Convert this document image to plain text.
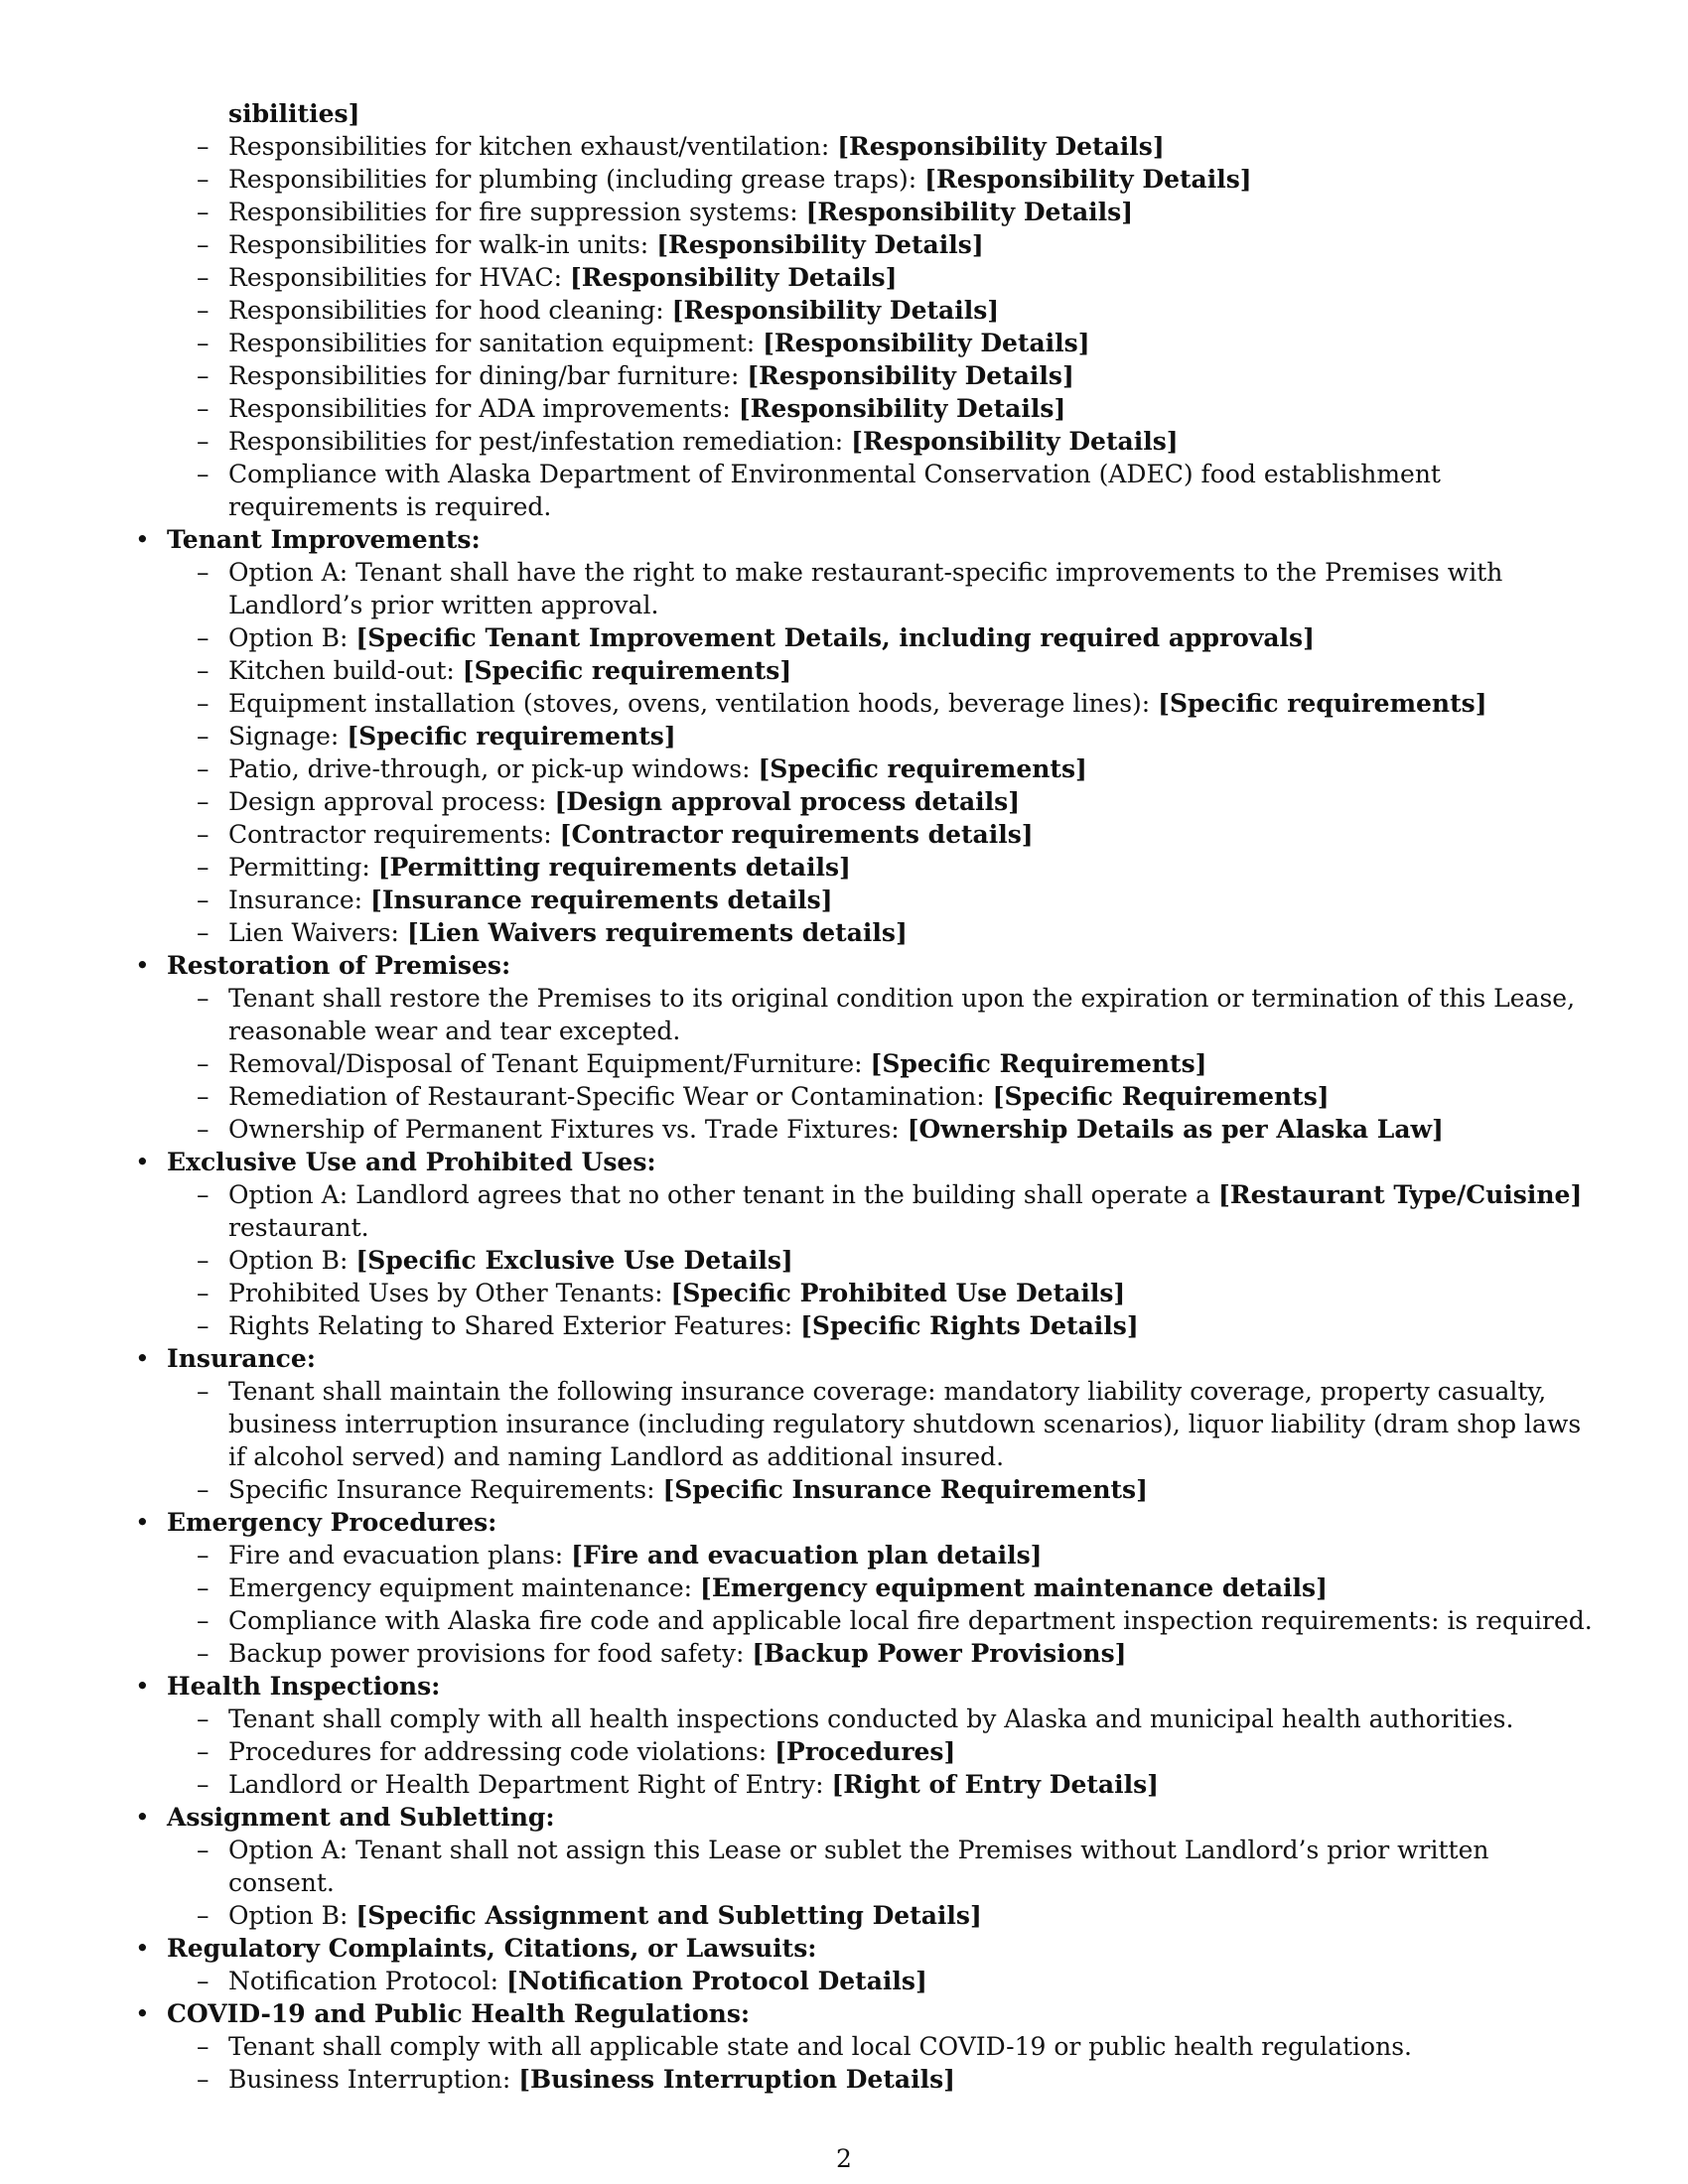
sibilities]
– Responsibilities for kitchen exhaust/ventilation: [Responsibility Details]
– Responsibilities for plumbing (including grease traps): [Responsibility Details]
– Responsibilities for fire suppression systems: [Responsibility Details]
– Responsibilities for walk-in units: [Responsibility Details]
– Responsibilities for HVAC: [Responsibility Details]
– Responsibilities for hood cleaning: [Responsibility Details]
– Responsibilities for sanitation equipment: [Responsibility Details]
– Responsibilities for dining/bar furniture: [Responsibility Details]
– Responsibilities for ADA improvements: [Responsibility Details]
– Responsibilities for pest/infestation remediation: [Responsibility Details]
– Compliance with Alaska Department of Environmental Conservation (ADEC) food establishment requirements is required.
• Tenant Improvements:
– Option A: Tenant shall have the right to make restaurant-specific improvements to the Premises with Landlord’s prior written approval.
– Option B: [Specific Tenant Improvement Details, including required approvals]
– Kitchen build-out: [Specific requirements]
– Equipment installation (stoves, ovens, ventilation hoods, beverage lines): [Specific requirements]
– Signage: [Specific requirements]
– Patio, drive-through, or pick-up windows: [Specific requirements]
– Design approval process: [Design approval process details]
– Contractor requirements: [Contractor requirements details]
– Permitting: [Permitting requirements details]
– Insurance: [Insurance requirements details]
– Lien Waivers: [Lien Waivers requirements details]
• Restoration of Premises:
– Tenant shall restore the Premises to its original condition upon the expiration or termination of this Lease, reasonable wear and tear excepted.
– Removal/Disposal of Tenant Equipment/Furniture: [Specific Requirements]
– Remediation of Restaurant-Specific Wear or Contamination: [Specific Requirements]
– Ownership of Permanent Fixtures vs. Trade Fixtures: [Ownership Details as per Alaska Law]
• Exclusive Use and Prohibited Uses:
– Option A: Landlord agrees that no other tenant in the building shall operate a [Restaurant Type/Cuisine] restaurant.
– Option B: [Specific Exclusive Use Details]
– Prohibited Uses by Other Tenants: [Specific Prohibited Use Details]
– Rights Relating to Shared Exterior Features: [Specific Rights Details]
• Insurance:
– Tenant shall maintain the following insurance coverage: mandatory liability coverage, property casualty, business interruption insurance (including regulatory shutdown scenarios), liquor liability (dram shop laws if alcohol served) and naming Landlord as additional insured.
– Specific Insurance Requirements: [Specific Insurance Requirements]
• Emergency Procedures:
– Fire and evacuation plans: [Fire and evacuation plan details]
– Emergency equipment maintenance: [Emergency equipment maintenance details]
– Compliance with Alaska fire code and applicable local fire department inspection requirements: is required.
– Backup power provisions for food safety: [Backup Power Provisions]
• Health Inspections:
– Tenant shall comply with all health inspections conducted by Alaska and municipal health authorities.
– Procedures for addressing code violations: [Procedures]
– Landlord or Health Department Right of Entry: [Right of Entry Details]
• Assignment and Subletting:
– Option A: Tenant shall not assign this Lease or sublet the Premises without Landlord’s prior written consent.
– Option B: [Specific Assignment and Subletting Details]
• Regulatory Complaints, Citations, or Lawsuits:
– Notification Protocol: [Notification Protocol Details]
• COVID-19 and Public Health Regulations:
– Tenant shall comply with all applicable state and local COVID-19 or public health regulations.
– Business Interruption: [Business Interruption Details]
2
